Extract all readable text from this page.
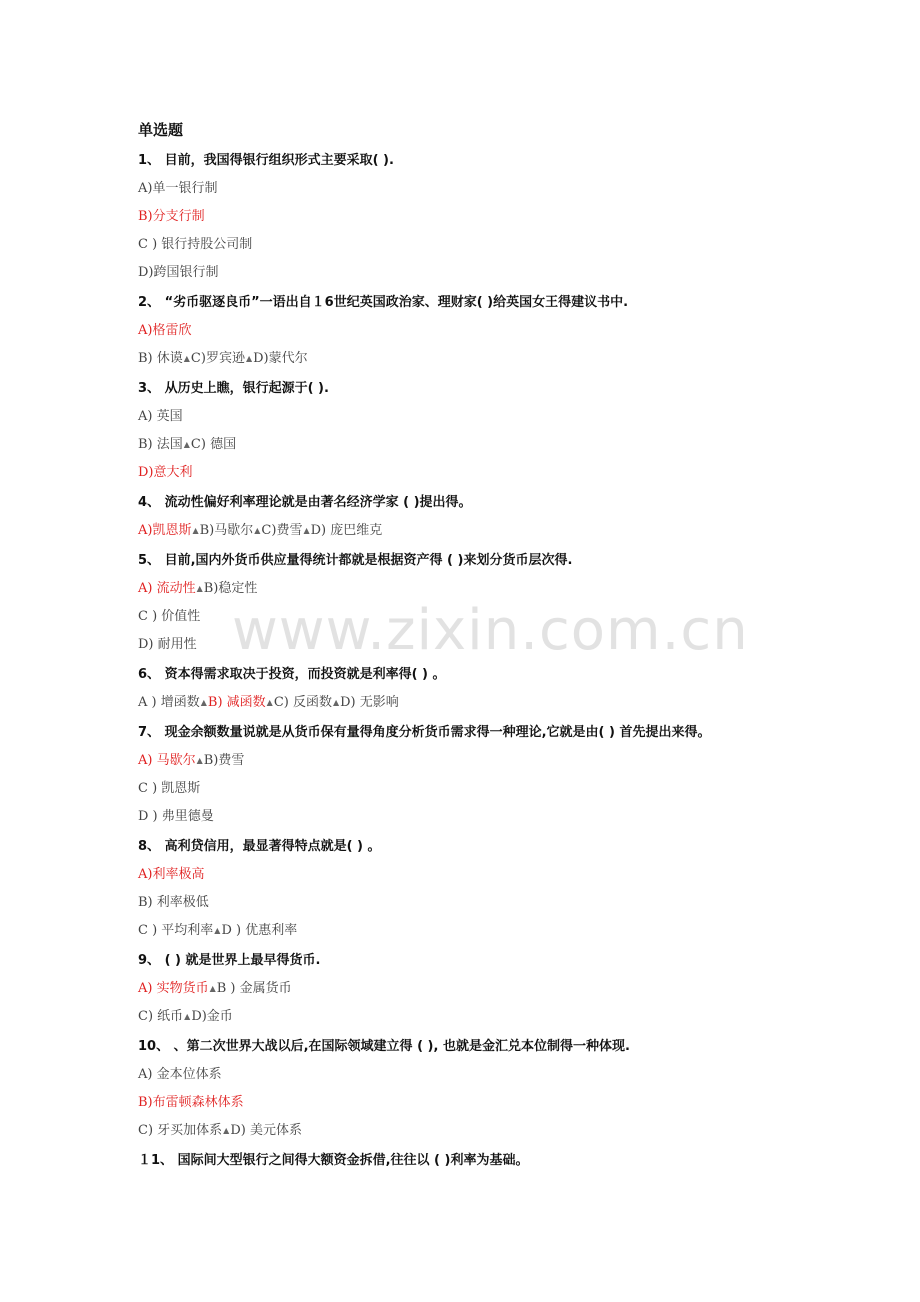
www.zixin.com.cn
单选题
1、 目前，我国得银行组织形式主要采取( ).
A)单一银行制
B)分支行制
C ) 银行持股公司制
D)跨国银行制
2、 “劣币驱逐良币”一语出自１6世纪英国政治家、理财家( )给英国女王得建议书中.
A)格雷欣
B) 休谟▲C)罗宾逊▲D)蒙代尔
3、 从历史上瞧，银行起源于( ).
A) 英国
B) 法国▲C) 德国
D)意大利
4、 流动性偏好利率理论就是由著名经济学家 ( )提出得。
A)凯恩斯▲B)马歇尔▲C)费雪▲D) 庞巴维克
5、 目前,国内外货币供应量得统计都就是根据资产得 ( )来划分货币层次得.
A) 流动性▲B)稳定性
C ) 价值性
D) 耐用性
6、 资本得需求取决于投资，而投资就是利率得( ) 。
A ) 增函数▲B) 减函数▲C) 反函数▲D) 无影响
7、 现金余额数量说就是从货币保有量得角度分析货币需求得一种理论,它就是由( ) 首先提出来得。
A) 马歇尔▲B)费雪
C ) 凯恩斯
D ) 弗里德曼
8、 高利贷信用，最显著得特点就是( ) 。
A)利率极高
B) 利率极低
C ) 平均利率▲D ) 优惠利率
9、 ( ) 就是世界上最早得货币.
A) 实物货币▲B ) 金属货币
C) 纸币▲D)金币
10、 、第二次世界大战以后,在国际领域建立得 ( ), 也就是金汇兑本位制得一种体现.
A) 金本位体系
B)布雷顿森林体系
C) 牙买加体系▲D) 美元体系
１1、 国际间大型银行之间得大额资金拆借,往往以 ( )利率为基础。
